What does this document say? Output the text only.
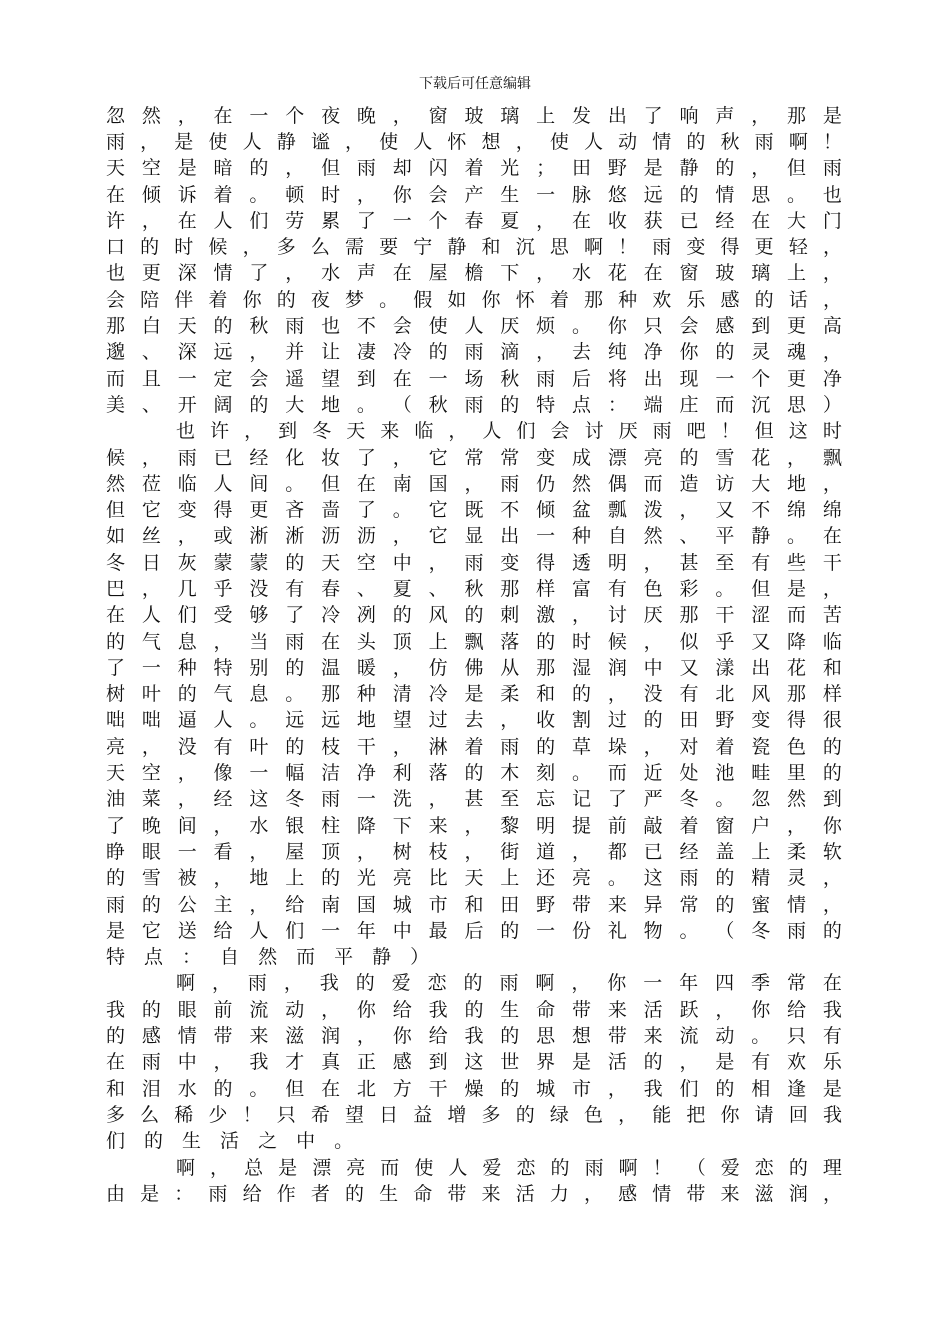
下载后可任意编辑
忽 然 ， 在 一 个 夜 晚 ， 窗 玻 璃 上 发 出 了 响 声 ， 那 是
雨 ， 是 使 人 静 谧 ， 使 人 怀 想 ， 使 人 动 情 的 秋 雨 啊 ！
天 空 是 暗 的 ， 但 雨 却 闪 着 光 ； 田 野 是 静 的 ， 但 雨
在 倾 诉 着 。 顿 时 ， 你 会 产 生 一 脉 悠 远 的 情 思 。 也
许 ， 在 人 们 劳 累 了 一 个 春 夏 ， 在 收 获 已 经 在 大 门
口 的 时 候 ， 多 么 需 要 宁 静 和 沉 思 啊 ！ 雨 变 得 更 轻 ，
也 更 深 情 了 ， 水 声 在 屋 檐 下 ， 水 花 在 窗 玻 璃 上 ，
会 陪 伴 着 你 的 夜 梦 。 假 如 你 怀 着 那 种 欢 乐 感 的 话 ，
那 白 天 的 秋 雨 也 不 会 使 人 厌 烦 。 你 只 会 感 到 更 高
邈 、 深 远 ， 并 让 凄 冷 的 雨 滴 ， 去 纯 净 你 的 灵 魂 ，
而 且 一 定 会 遥 望 到 在 一 场 秋 雨 后 将 出 现 一 个 更 净
美 、 开 阔 的 大 地 。 （ 秋 雨 的 特 点 ： 端 庄 而 沉 思 ）
也 许 ， 到 冬 天 来 临 ， 人 们 会 讨 厌 雨 吧 ！ 但 这 时
候 ， 雨 已 经 化 妆 了 ， 它 常 常 变 成 漂 亮 的 雪 花 ， 飘
然 莅 临 人 间 。 但 在 南 国 ， 雨 仍 然 偶 而 造 访 大 地 ，
但 它 变 得 更 吝 啬 了 。 它 既 不 倾 盆 瓢 泼 ， 又 不 绵 绵
如 丝 ， 或 淅 淅 沥 沥 ， 它 显 出 一 种 自 然 、 平 静 。 在
冬 日 灰 蒙 蒙 的 天 空 中 ， 雨 变 得 透 明 ， 甚 至 有 些 干
巴 ， 几 乎 没 有 春 、 夏 、 秋 那 样 富 有 色 彩 。 但 是 ，
在 人 们 受 够 了 冷 冽 的 风 的 刺 激 ， 讨 厌 那 干 涩 而 苦
的 气 息 ， 当 雨 在 头 顶 上 飘 落 的 时 候 ， 似 乎 又 降 临
了 一 种 特 别 的 温 暖 ， 仿 佛 从 那 湿 润 中 又 漾 出 花 和
树 叶 的 气 息 。 那 种 清 冷 是 柔 和 的 ， 没 有 北 风 那 样
咄 咄 逼 人 。 远 远 地 望 过 去 ， 收 割 过 的 田 野 变 得 很
亮 ， 没 有 叶 的 枝 干 ， 淋 着 雨 的 草 垛 ， 对 着 瓷 色 的
天 空 ， 像 一 幅 洁 净 利 落 的 木 刻 。 而 近 处 池 畦 里 的
油 菜 ， 经 这 冬 雨 一 洗 ， 甚 至 忘 记 了 严 冬 。 忽 然 到
了 晚 间 ， 水 银 柱 降 下 来 ， 黎 明 提 前 敲 着 窗 户 ， 你
睁 眼 一 看 ， 屋 顶 ， 树 枝 ， 街 道 ， 都 已 经 盖 上 柔 软
的 雪 被 ， 地 上 的 光 亮 比 天 上 还 亮 。 这 雨 的 精 灵 ，
雨 的 公 主 ， 给 南 国 城 市 和 田 野 带 来 异 常 的 蜜 情 ，
是 它 送 给 人 们 一 年 中 最 后 的 一 份 礼 物 。 （ 冬 雨 的
特 点 ： 自 然 而 平 静 ）
啊 ， 雨 ， 我 的 爱 恋 的 雨 啊 ， 你 一 年 四 季 常 在
我 的 眼 前 流 动 ， 你 给 我 的 生 命 带 来 活 跃 ， 你 给 我
的 感 情 带 来 滋 润 ， 你 给 我 的 思 想 带 来 流 动 。 只 有
在 雨 中 ， 我 才 真 正 感 到 这 世 界 是 活 的 ， 是 有 欢 乐
和 泪 水 的 。 但 在 北 方 干 燥 的 城 市 ， 我 们 的 相 逢 是
多 么 稀 少 ！ 只 希 望 日 益 增 多 的 绿 色 ， 能 把 你 请 回 我
们 的 生 活 之 中 。
啊 ， 总 是 漂 亮 而 使 人 爱 恋 的 雨 啊 ！ （ 爱 恋 的 理
由 是 ： 雨 给 作 者 的 生 命 带 来 活 力 ， 感 情 带 来 滋 润 ，
